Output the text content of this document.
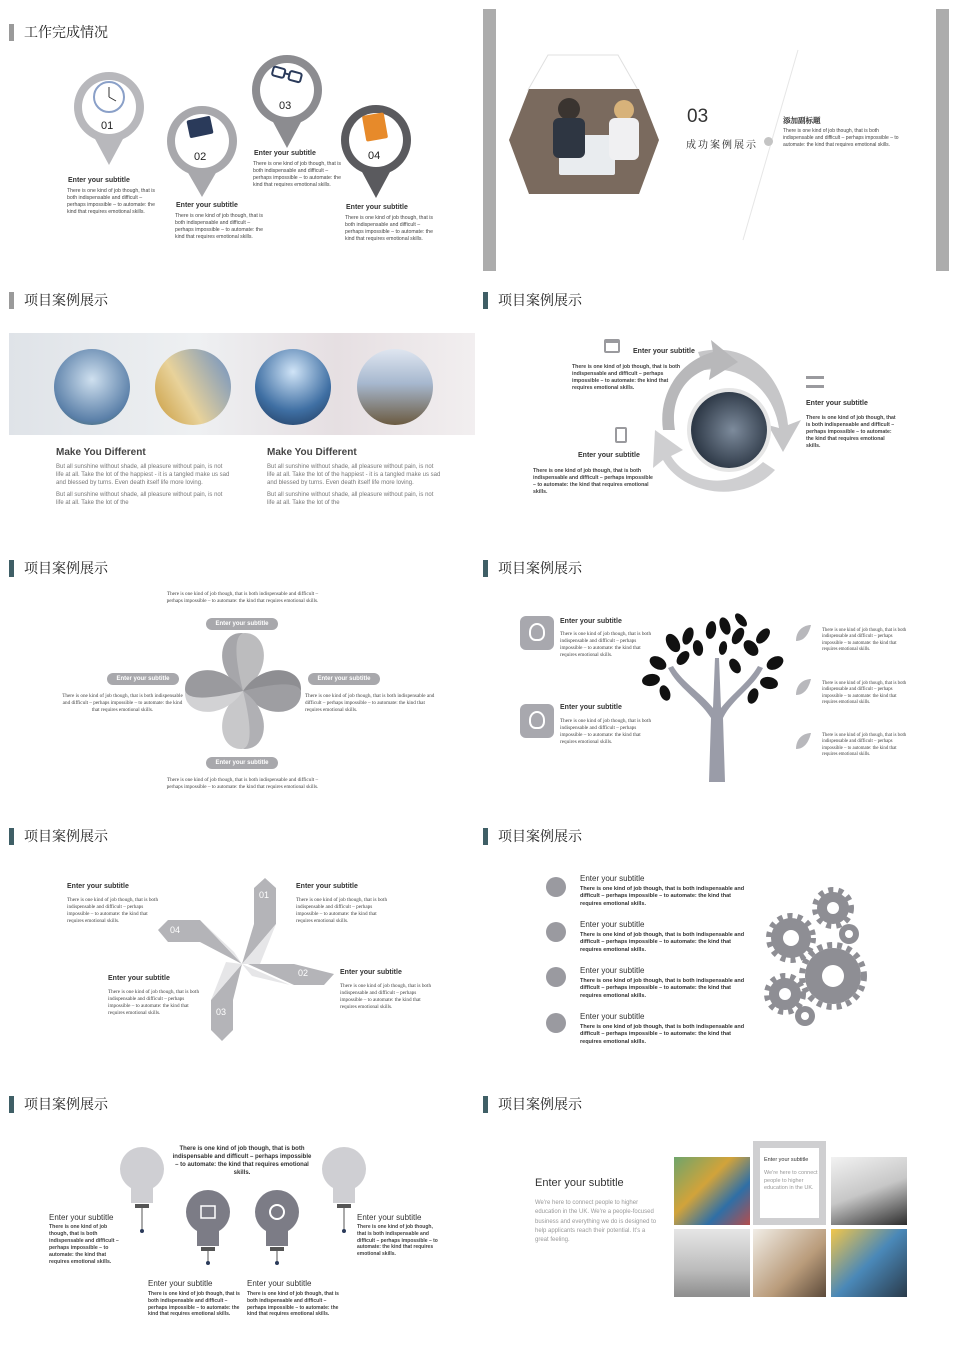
工作完成情况
01
02
03
04
Enter your subtitle
There is one kind of job though, that is both indispensable and difficult – perhaps impossible – to automate: the kind that requires emotional skills.
Enter your subtitle
There is one kind of job though, that is both indispensable and difficult – perhaps impossible – to automate: the kind that requires emotional skills.
Enter your subtitle
There is one kind of job though, that is both indispensable and difficult – perhaps impossible – to automate: the kind that requires emotional skills.
Enter your subtitle
There is one kind of job though, that is both indispensable and difficult – perhaps impossible – to automate: the kind that requires emotional skills.
03
成功案例展示
添加副标题
There is one kind of job though, that is both indispensable and difficult – perhaps impossible – to automate: the kind that requires emotional skills.
项目案例展示
Make You Different
But all sunshine without shade, all pleasure without pain, is not life at all. Take the lot of the happiest - it is a tangled make us sad and blessed by turns. Even death itself life more loving.
But all sunshine without shade, all pleasure without pain, is not life at all. Take the lot of the
Make You Different
But all sunshine without shade, all pleasure without pain, is not life at all. Take the lot of the happiest - it is a tangled make us sad and blessed by turns. Even death itself life more loving.
But all sunshine without shade, all pleasure without pain, is not life at all. Take the lot of the
项目案例展示
Enter your subtitle
There is one kind of job though, that is both indispensable and difficult – perhaps impossible – to automate: the kind that requires emotional skills.
Enter your subtitle
There is one kind of job though, that is both indispensable and difficult – perhaps impossible – to automate: the kind that requires emotional skills.
Enter your subtitle
There is one kind of job though, that is both indispensable and difficult – perhaps impossible – to automate: the kind that requires emotional skills.
项目案例展示
There is one kind of job though, that is both indispensable and difficult – perhaps impossible – to automate: the kind that requires emotional skills.
Enter your subtitle
Enter your subtitle	Enter your subtitle
Enter your subtitle
There is one kind of job though, that is both indispensable and difficult – perhaps impossible – to automate: the kind that requires emotional skills.
There is one kind of job though, that is both indispensable and difficult – perhaps impossible – to automate: the kind that requires emotional skills.
There is one kind of job though, that is both indispensable and difficult – perhaps impossible – to automate: the kind that requires emotional skills.
项目案例展示
Enter your subtitle
There is one kind of job though, that is both indispensable and difficult – perhaps impossible – to automate: the kind that requires emotional skills.
Enter your subtitle
There is one kind of job though, that is both indispensable and difficult – perhaps impossible – to automate: the kind that requires emotional skills.
There is one kind of job though, that is both indispensable and difficult – perhaps impossible – to automate: the kind that requires emotional skills.
There is one kind of job though, that is both indispensable and difficult – perhaps impossible – to automate: the kind that requires emotional skills.
There is one kind of job though, that is both indispensable and difficult – perhaps impossible – to automate: the kind that requires emotional skills.
项目案例展示
01
02
03
04
Enter your subtitle
There is one kind of job though, that is both indispensable and difficult – perhaps impossible – to automate: the kind that requires emotional skills.
Enter your subtitle
There is one kind of job though, that is both indispensable and difficult – perhaps impossible – to automate: the kind that requires emotional skills.
Enter your subtitle
There is one kind of job though, that is both indispensable and difficult – perhaps impossible – to automate: the kind that requires emotional skills.
Enter your subtitle
There is one kind of job though, that is both indispensable and difficult – perhaps impossible – to automate: the kind that requires emotional skills.
项目案例展示
Enter your subtitle
There is one kind of job though, that is both indispensable and difficult – perhaps impossible – to automate: the kind that requires emotional skills.
Enter your subtitle
There is one kind of job though, that is both indispensable and difficult – perhaps impossible – to automate: the kind that requires emotional skills.
Enter your subtitle
There is one kind of job though, that is both indispensable and difficult – perhaps impossible – to automate: the kind that requires emotional skills.
Enter your subtitle
There is one kind of job though, that is both indispensable and difficult – perhaps impossible – to automate: the kind that requires emotional skills.
项目案例展示
There is one kind of job though, that is both indispensable and difficult – perhaps impossible – to automate: the kind that requires emotional skills.
Enter your subtitle
There is one kind of job though, that is both indispensable and difficult – perhaps impossible – to automate: the kind that requires emotional skills.
Enter your subtitle
There is one kind of job though, that is both indispensable and difficult – perhaps impossible – to automate: the kind that requires emotional skills.
Enter your subtitle
There is one kind of job though, that is both indispensable and difficult – perhaps impossible – to automate: the kind that requires emotional skills.
Enter your subtitle
There is one kind of job though, that is both indispensable and difficult – perhaps impossible – to automate: the kind that requires emotional skills.
项目案例展示
Enter your subtitle
We're here to connect people to higher education in the UK. We're a people-focused business and everything we do is designed to help applicants reach their potential. It's a great feeling.
Enter your subtitle
We're here to connect people to higher education in the UK.
